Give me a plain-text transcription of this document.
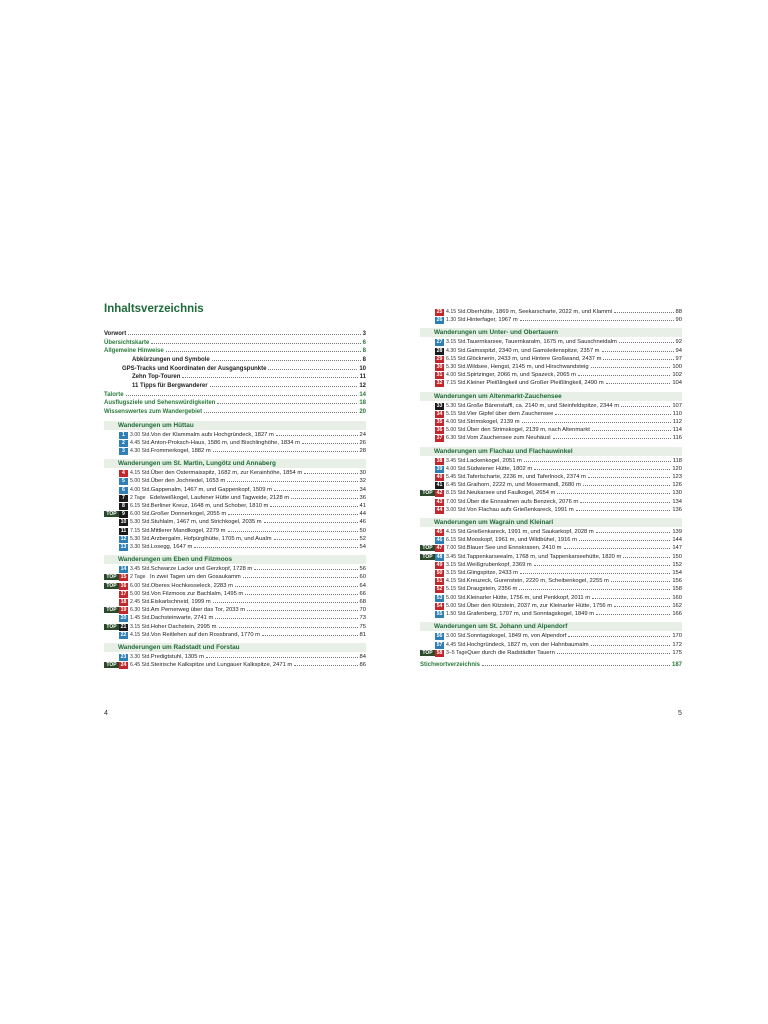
Inhaltsverzeichnis
Vorwort	3
Übersichtskarte	6
Allgemeine Hinweise	8
Abkürzungen und Symbole	8
GPS-Tracks und Koordinaten der Ausgangspunkte	10
Zehn Top-Touren	11
11 Tipps für Bergwanderer	12
Talorte	14
Ausflugsziele und Sehenswürdigkeiten	18
Wissenswertes zum Wandergebiet	20
Wanderungen um Hüttau
1 3.00 Std. Von der Klammalm aufs Hochgründeck, 1827 m	24
2 4.45 Std. Anton-Proksch-Haus, 1586 m, und Bischlinghöhe, 1834 m	26
3 4.30 Std. Frommerkogel, 1882 m	28
Wanderungen um St. Martin, Lungötz und Annaberg
4 4.15 Std. Über den Ostermaisspitz, 1682 m, zur Kerainhöhe, 1854 m	30
5 5.00 Std. Über den Jochriedel, 1653 m	32
6 4.00 Std. Gappenalm, 1467 m, und Gappenkopf, 1509 m	34
7 2 Tage Edelweißkogel, Laufener Hütte und Tagweide, 2128 m	36
8 6.15 Std. Berliner Kreuz, 1648 m, und Schober, 1810 m	41
TOP	9 6.00 Std. Großer Donnerkogel, 2055 m	44
10 5.30 Std. Stuhlalm, 1467 m, und Strichkogel, 2035 m	46
11 7.15 Std. Mittlerer Mandlkogel, 2279 m	50
12 5.30 Std. Arzbergalm, Hofpürglhütte, 1705 m, und Aualm	52
13 3.30 Std. Losegg, 1647 m	54
Wanderungen um Eben und Filzmoos
14 3.45 Std. Schwarze Lacke und Gerzkopf, 1728 m	56
TOP 15 2 Tage In zwei Tagen um den Gosaukamm	60
TOP 16 6.00 Std. Oberes Hochkesseleck, 2283 m	64
17 5.00 Std. Von Filzmoos zur Bachlalm, 1495 m	66
18 2.45 Std. Eiskarlschneid, 1999 m	68
TOP 19 6.30 Std. Am Pernerweg über das Tor, 2033 m	70
20 1.45 Std. Dachsteinwarte, 2741 m	73
TOP 21 3.15 Std. Hoher Dachstein, 2995 m	75
22 4.15 Std. Von Reitlehen auf den Rossbrand, 1770 m	81
Wanderungen um Radstadt und Forstau
23 3.30 Std. Predigtstuhl, 1305 m	84
TOP 24 6.45 Std. Steirische Kalkspitze und Lungauer Kalkspitze, 2471 m	86
4
25 4.15 Std. Oberhütte, 1869 m, Seekarscharte, 2022 m, und Klammi	88
26 1.30 Std. Hinterfager, 1967 m	90
Wanderungen um Unter- und Obertauern
27 3.15 Std. Tauernkarsee, Tauernkaralm, 1675 m, und Sauschneidalm	92
28 4.30 Std. Gamsspitzl, 2340 m, und Gamsleitenspitze, 2357 m	94
29 6.15 Std. Glöcknerin, 2433 m, und Hintere Großwand, 2437 m	97
30 5.30 Std. Wildsee, Hengst, 2145 m, und Hirschwandsteig	100
31 4.00 Std. Spirtzinger, 2066 m, und Spazeck, 2065 m	102
32 7.15 Std. Kleiner Pleißlingkeil und Großer Pleißlingkeil, 2490 m	104
Wanderungen um Altenmarkt-Zauchensee
33 5.30 Std. Große Bärenstaffl, ca. 2140 m, und Steinfeldspitze, 2344 m	107
34 5.15 Std. Vier Gipfel über dem Zauchensee	110
35 4.00 Std. Strimskogel, 2139 m	112
36 5.00 Std. Über den Strimskogel, 2139 m, nach Altenmarkt	114
37 6.30 Std. Vom Zauchensee zum Neuhäusl	116
Wanderungen um Flachau und Flachauwinkel
38 3.45 Std. Lackenkogel, 2051 m	118
39 4.00 Std. Südwiener Hütte, 1802 m	120
40 5.45 Std. Taferlscharte, 2236 m, und Taferlnock, 2374 m	123
41 6.45 Std. Graihorn, 2222 m, und Mosermandl, 2680 m	126
TOP 42 8.15 Std. Neukarsee und Faulkogel, 2654 m	130
43 7.00 Std. Über die Ennsalmen aufs Benzeck, 2076 m	134
44 3.00 Std. Von Flachau aufs Grießenkareck, 1991 m	136
Wanderungen um Wagrain und Kleinarl
45 4.15 Std. Grießenkareck, 1991 m, und Saukarkopf, 2028 m	139
46 6.15 Std. Mooskopf, 1961 m, und Wildbühel, 1916 m	144
TOP 47 7.00 Std. Blauer See und Ennskraxen, 2410 m	147
TOP 48 3.45 Std. Tappenkarseealm, 1768 m, und Tappenkarseehütte, 1820 m	150
49 3.15 Std. Weißgrubenkopf, 2369 m	152
50 3.15 Std. Glingspitze, 2433 m	154
51 4.15 Std. Kreuzeck, Gurenstein, 2220 m, Scheibenkogel, 2255 m	156
52 5.15 Std. Draugstein, 2356 m	158
53 5.00 Std. Kleinarler Hütte, 1756 m, und Penkkopf, 2011 m	160
54 5.00 Std. Über den Kitzstein, 2037 m, zur Kleinarler Hütte, 1756 m	162
55 1.50 Std. Grafenberg, 1707 m, und Sonntagskogel, 1849 m	166
Wanderungen um St. Johann und Alpendorf
56 3.00 Std. Sonntagskogel, 1849 m, von Alpendorf	170
57 4.45 Std. Hochgründeck, 1827 m, von der Hahnbaumalm	172
TOP 58 3–5 Tage Quer durch die Radstädter Tauern	175
Stichwortverzeichnis	187
5
